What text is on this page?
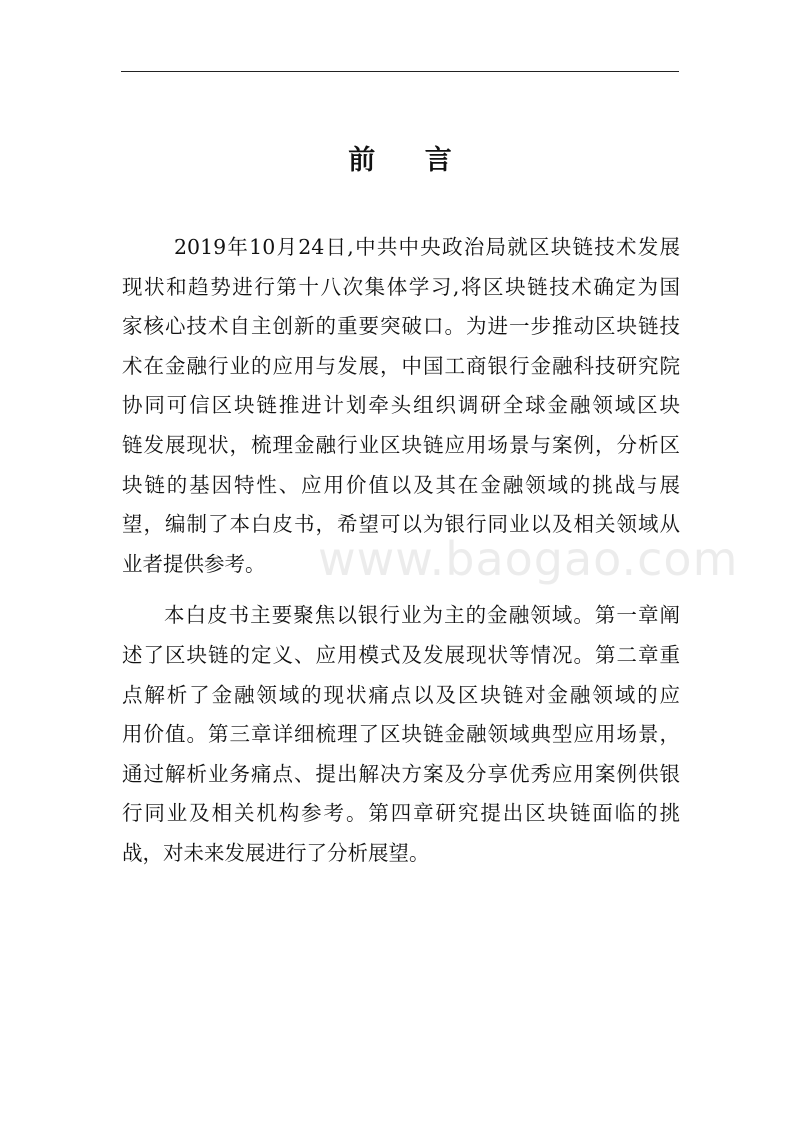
前 言
2019年10月24日,中共中央政治局就区块链技术发展
现状和趋势进行第十八次集体学习,将区块链技术确定为国
家核心技术自主创新的重要突破口。为进一步推动区块链技
术在金融行业的应用与发展，中国工商银行金融科技研究院
协同可信区块链推进计划牵头组织调研全球金融领域区块
链发展现状，梳理金融行业区块链应用场景与案例，分析区
块链的基因特性、应用价值以及其在金融领域的挑战与展
望，编制了本白皮书，希望可以为银行同业以及相关领域从
业者提供参考。
本白皮书主要聚焦以银行业为主的金融领域。第一章阐
述了区块链的定义、应用模式及发展现状等情况。第二章重
点解析了金融领域的现状痛点以及区块链对金融领域的应
用价值。第三章详细梳理了区块链金融领域典型应用场景，
通过解析业务痛点、提出解决方案及分享优秀应用案例供银
行同业及相关机构参考。第四章研究提出区块链面临的挑
战，对未来发展进行了分析展望。
www.baogao.com
